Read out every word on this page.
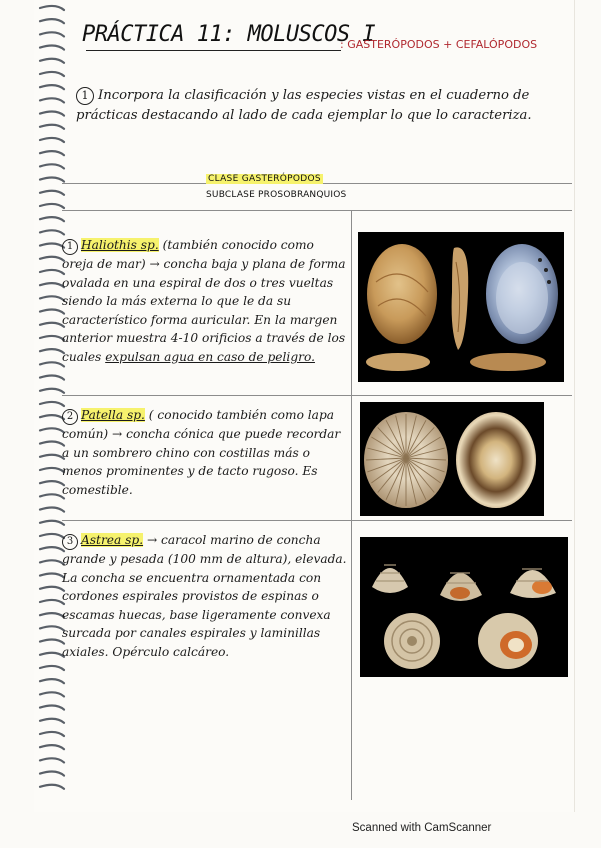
PRÁCTICA 11: MOLUSCOS I
: GASTERÓPODOS + CEFALÓPODOS
1 Incorpora la clasificación y las especies vistas en el cuaderno de prácticas destacando al lado de cada ejemplar lo que lo caracteriza.
CLASE GASTERÓPODOS
SUBCLASE PROSOBRANQUIOS
1 Haliothis sp. (también conocido como oreja de mar) → concha baja y plana de forma ovalada en una espiral de dos o tres vueltas siendo la más externa lo que le da su característico forma auricular. En la margen anterior muestra 4-10 orificios a través de los cuales expulsan agua en caso de peligro.
2 Patella sp. ( conocido también como lapa común) → concha cónica que puede recordar a un sombrero chino con costillas más o menos prominentes y de tacto rugoso. Es comestible.
3 Astrea sp. → caracol marino de concha grande y pesada (100 mm de altura), elevada. La concha se encuentra ornamentada con cordones espirales provistos de espinas o escamas huecas, base ligeramente convexa surcada por canales espirales y laminillas axiales. Opérculo calcáreo.
Scanned with CamScanner
